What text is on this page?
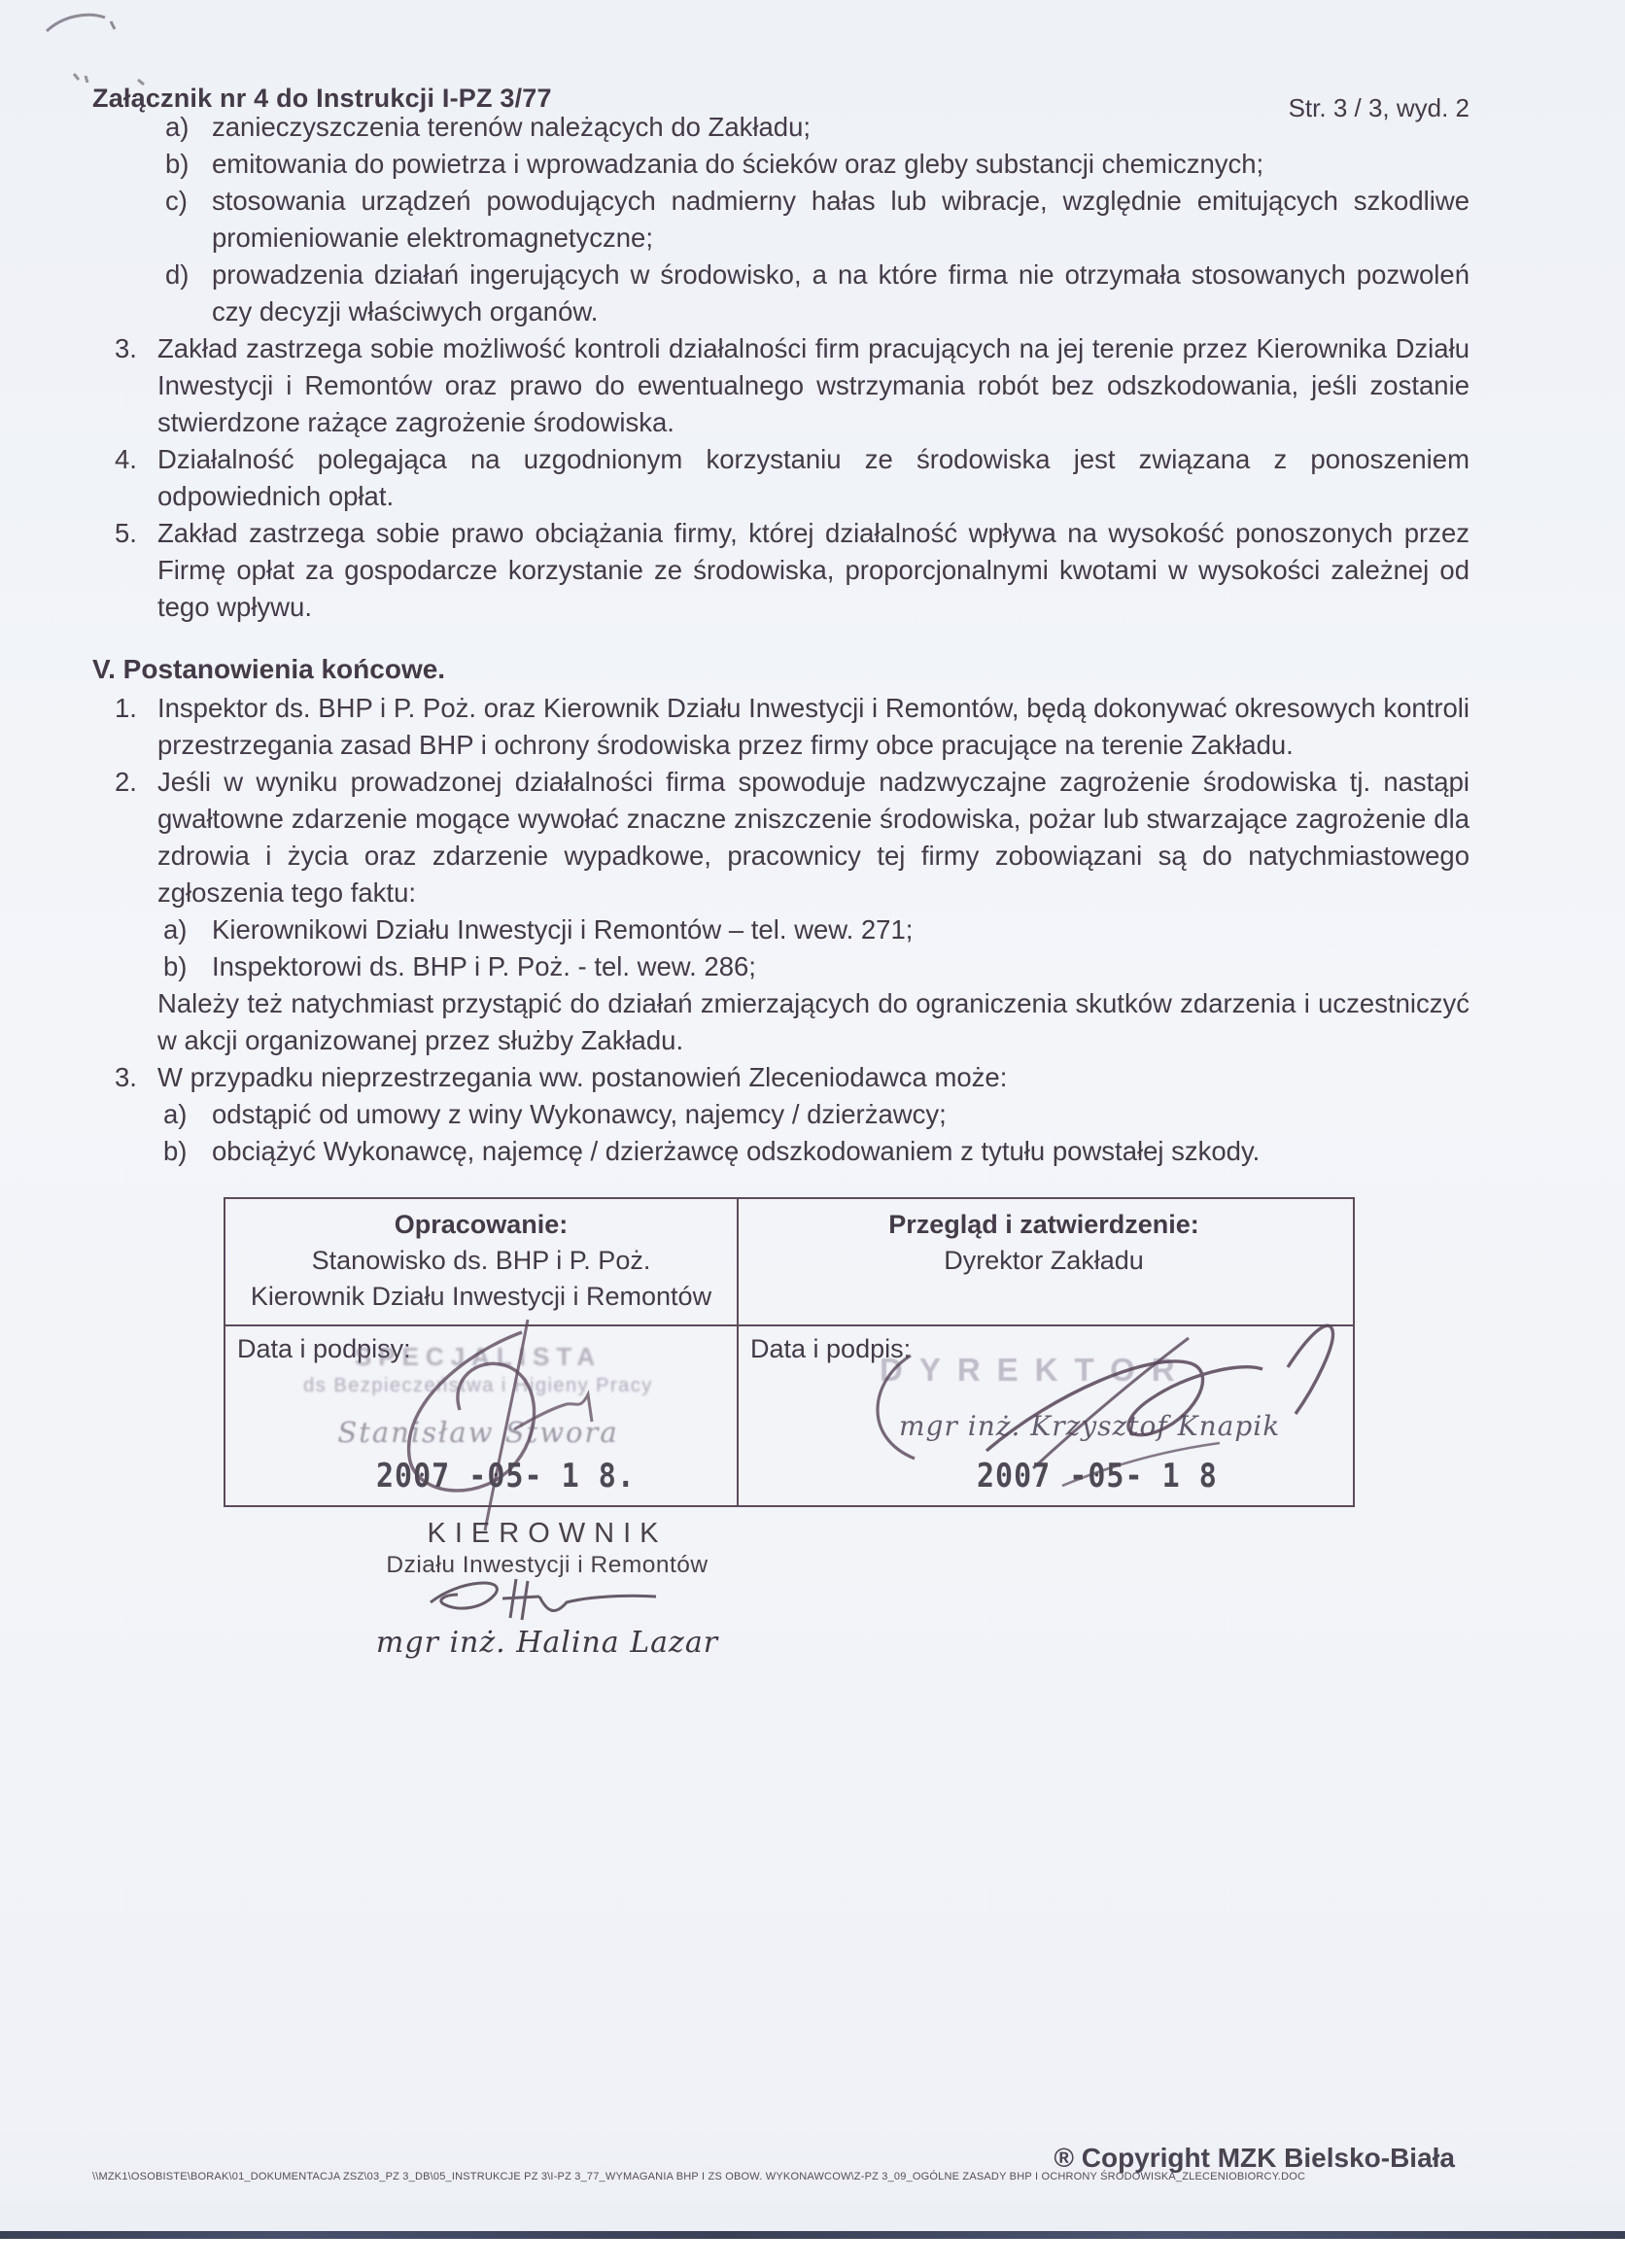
Załącznik nr 4 do Instrukcji I-PZ 3/77	Str. 3 / 3, wyd. 2
a) zanieczyszczenia terenów należących do Zakładu;
b) emitowania do powietrza i wprowadzania do ścieków oraz gleby substancji chemicznych;
c) stosowania urządzeń powodujących nadmierny hałas lub wibracje, względnie emitujących szkodliwe promieniowanie elektromagnetyczne;
d) prowadzenia działań ingerujących w środowisko, a na które firma nie otrzymała stosowanych pozwoleń czy decyzji właściwych organów.
3. Zakład zastrzega sobie możliwość kontroli działalności firm pracujących na jej terenie przez Kierownika Działu Inwestycji i Remontów oraz prawo do ewentualnego wstrzymania robót bez odszkodowania, jeśli zostanie stwierdzone rażące zagrożenie środowiska.
4. Działalność polegająca na uzgodnionym korzystaniu ze środowiska jest związana z ponoszeniem odpowiednich opłat.
5. Zakład zastrzega sobie prawo obciążania firmy, której działalność wpływa na wysokość ponoszonych przez Firmę opłat za gospodarcze korzystanie ze środowiska, proporcjonalnymi kwotami w wysokości zależnej od tego wpływu.
V. Postanowienia końcowe.
1. Inspektor ds. BHP i P. Poż. oraz Kierownik Działu Inwestycji i Remontów, będą dokonywać okresowych kontroli przestrzegania zasad BHP i ochrony środowiska przez firmy obce pracujące na terenie Zakładu.
2. Jeśli w wyniku prowadzonej działalności firma spowoduje nadzwyczajne zagrożenie środowiska tj. nastąpi gwałtowne zdarzenie mogące wywołać znaczne zniszczenie środowiska, pożar lub stwarzające zagrożenie dla zdrowia i życia oraz zdarzenie wypadkowe, pracownicy tej firmy zobowiązani są do natychmiastowego zgłoszenia tego faktu:
a) Kierownikowi Działu Inwestycji i Remontów – tel. wew. 271;
b) Inspektorowi ds. BHP i P. Poż. - tel. wew. 286;
Należy też natychmiast przystąpić do działań zmierzających do ograniczenia skutków zdarzenia i uczestniczyć w akcji organizowanej przez służby Zakładu.
3. W przypadku nieprzestrzegania ww. postanowień Zleceniodawca może:
a) odstąpić od umowy z winy Wykonawcy, najemcy / dzierżawcy;
b) obciążyć Wykonawcę, najemcę / dzierżawcę odszkodowaniem z tytułu powstałej szkody.
Opracowanie:
Stanowisko ds. BHP i P. Poż.
Kierownik Działu Inwestycji i Remontów
Przegląd i zatwierdzenie:
Dyrektor Zakładu
Data i podpisy:
SPECJALISTA
ds Bezpieczeństwa i Higieny Pracy
Stanisław Stwora
2007 -05- 1 8.
Data i podpis:
DYREKTOR
mgr inż. Krzysztof Knapik
2007 -05- 1 8
KIEROWNIK
Działu Inwestycji i Remontów
mgr inż. Halina Lazar
\\MZK1\OSOBISTE\BORAK\01_DOKUMENTACJA ZSZ\03_PZ 3_DB\05_INSTRUKCJE PZ 3\I-PZ 3_77_WYMAGANIA BHP I ZS OBOW. WYKONAWCOW\Z-PZ 3_09_OGÓLNE ZASADY BHP I OCHRONY ŚRODOWISKA_ZLECENIOBIORCY.DOC
® Copyright MZK Bielsko-Biała
